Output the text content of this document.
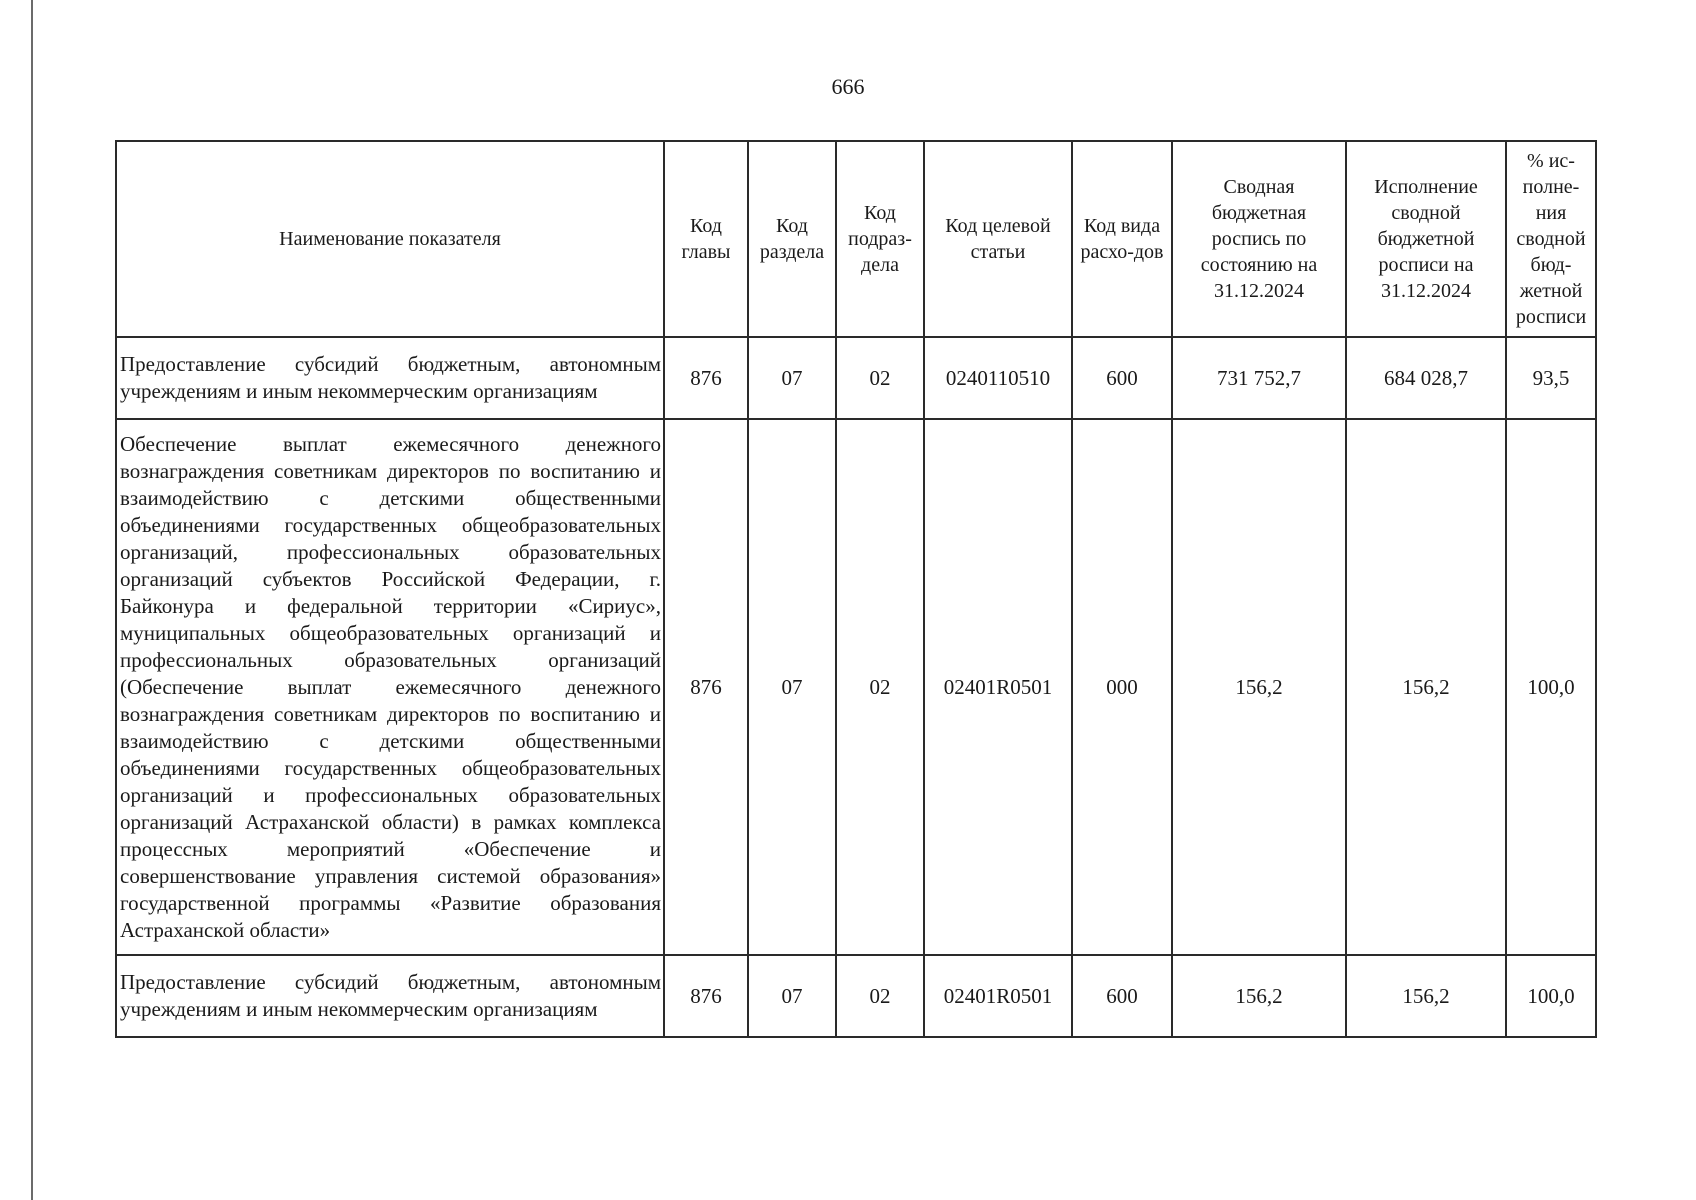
666
Наименование показателя	Код главы	Код раздела	Код подраз-дела	Код целевой статьи	Код вида расхо-дов	Сводная бюджетная роспись по состоянию на 31.12.2024	Исполнение сводной бюджетной росписи на 31.12.2024	% ис-полне-ния сводной бюд-жетной росписи
Предоставление субсидий бюджетным, автономным учреждениям и иным некоммерческим организациям	876	07	02	0240110510	600	731 752,7	684 028,7	93,5
Обеспечение выплат ежемесячного денежного вознаграждения советникам директоров по воспитанию и взаимодействию с детскими общественными объединениями государственных общеобразовательных организаций, профессиональных образовательных организаций субъектов Российской Федерации, г. Байконура и федеральной территории «Сириус», муниципальных общеобразовательных организаций и профессиональных образовательных организаций (Обеспечение выплат ежемесячного денежного вознаграждения советникам директоров по воспитанию и взаимодействию с детскими общественными объединениями государственных общеобразовательных организаций и профессиональных образовательных организаций Астраханской области) в рамках комплекса процессных мероприятий «Обеспечение и совершенствование управления системой образования» государственной программы «Развитие образования Астраханской области»	876	07	02	02401R0501	000	156,2	156,2	100,0
Предоставление субсидий бюджетным, автономным учреждениям и иным некоммерческим организациям	876	07	02	02401R0501	600	156,2	156,2	100,0
